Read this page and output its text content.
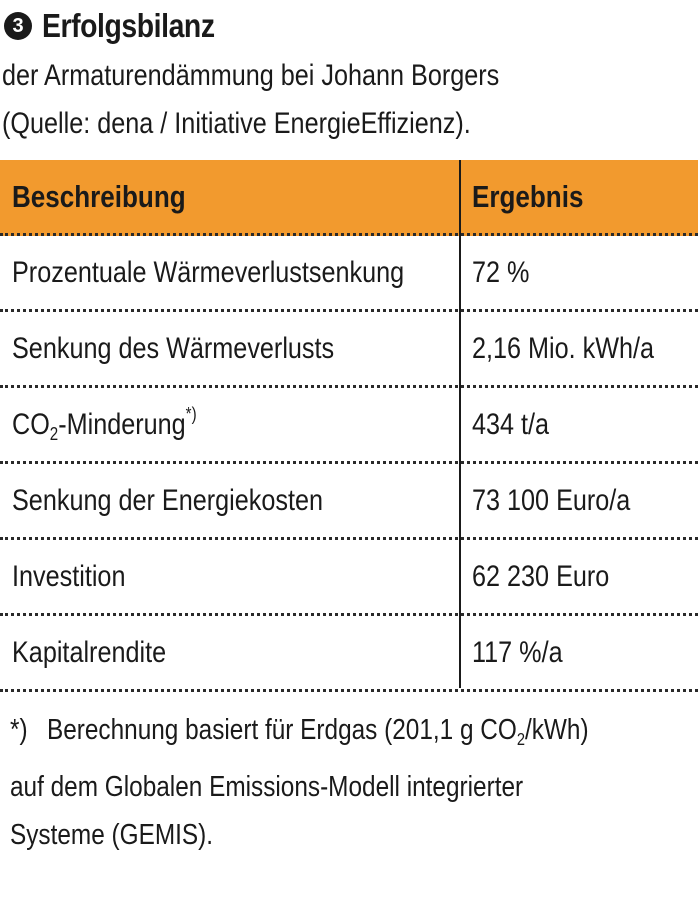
3 Erfolgsbilanz
der Armaturendämmung bei Johann Borgers
(Quelle: dena / Initiative EnergieEffizienz).
Beschreibung	Ergebnis
Prozentuale Wärmeverlustsenkung 72 %
Senkung des Wärmeverlusts	2,16 Mio. kWh/a
$CO_2-Minderung^{*)}$	434 t/a
Senkung der Energiekosten	73 100 Euro/a
Investition	62 230 Euro
Kapitalrendite	117 %/a
*) Berechnung basiert für Erdgas (201,1 g $CO_2/kWh$)
auf dem Globalen Emissions-Modell integrierter
Systeme (GEMIS).
